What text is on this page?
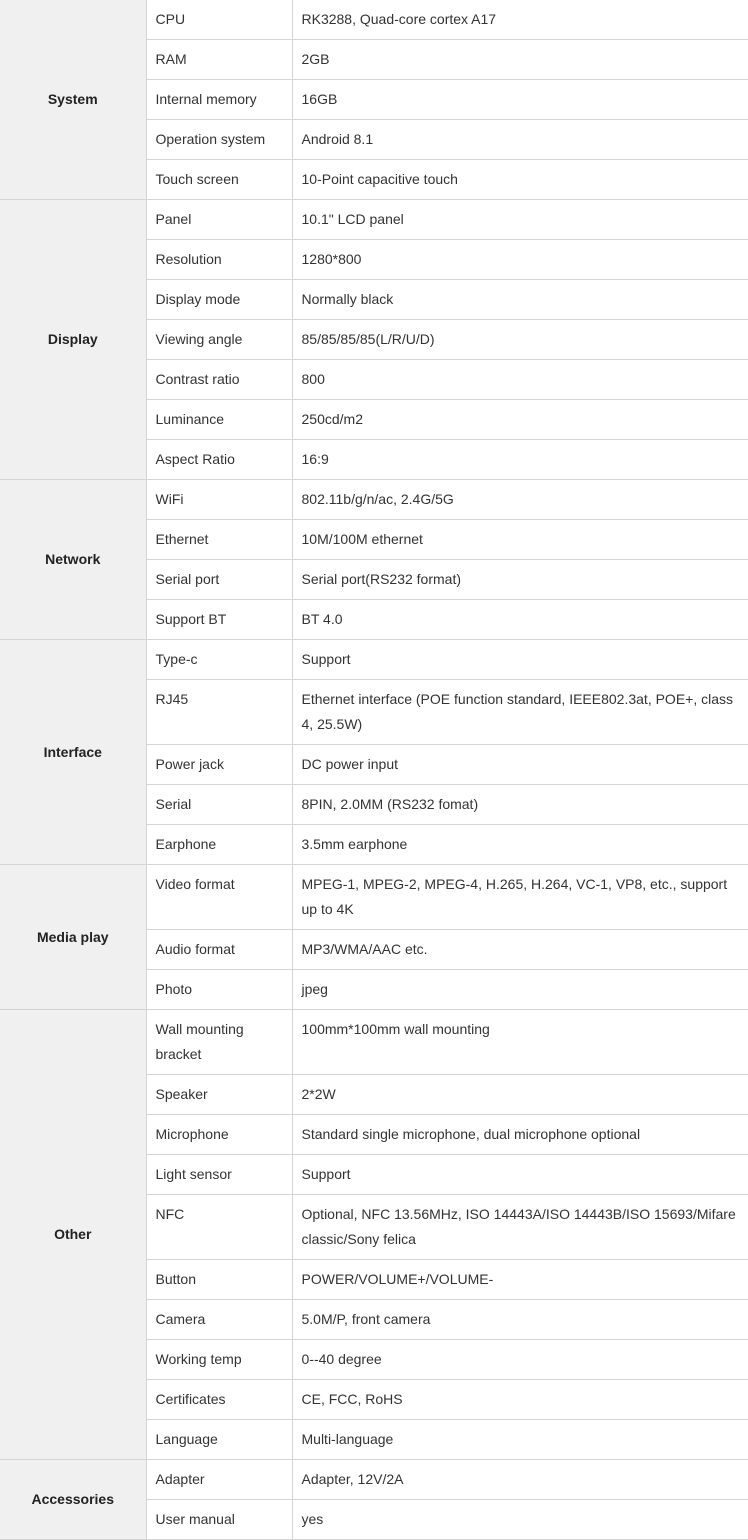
System	CPU	RK3288, Quad-core cortex A17
	RAM	2GB
	Internal memory	16GB
	Operation system	Android 8.1
	Touch screen	10-Point capacitive touch
Display	Panel	10.1" LCD panel
	Resolution	1280*800
	Display mode	Normally black
	Viewing angle	85/85/85/85(L/R/U/D)
	Contrast ratio	800
	Luminance	250cd/m2
	Aspect Ratio	16:9
Network	WiFi	802.11b/g/n/ac, 2.4G/5G
	Ethernet	10M/100M ethernet
	Serial port	Serial port(RS232 format)
	Support BT	BT 4.0
Interface	Type-c	Support
	RJ45	Ethernet interface (POE function standard, IEEE802.3at, POE+, class 4, 25.5W)
	Power jack	DC power input
	Serial	8PIN, 2.0MM (RS232 fomat)
	Earphone	3.5mm earphone
Media play	Video format	MPEG-1, MPEG-2, MPEG-4, H.265, H.264, VC-1, VP8, etc., support up to 4K
	Audio format	MP3/WMA/AAC etc.
	Photo	jpeg
Other	Wall mounting bracket	100mm*100mm wall mounting
	Speaker	2*2W
	Microphone	Standard single microphone, dual microphone optional
	Light sensor	Support
	NFC	Optional, NFC 13.56MHz, ISO 14443A/ISO 14443B/ISO 15693/Mifare classic/Sony felica
	Button	POWER/VOLUME+/VOLUME-
	Camera	5.0M/P, front camera
	Working temp	0--40 degree
	Certificates	CE, FCC, RoHS
	Language	Multi-language
Accessories	Adapter	Adapter, 12V/2A
	User manual	yes
